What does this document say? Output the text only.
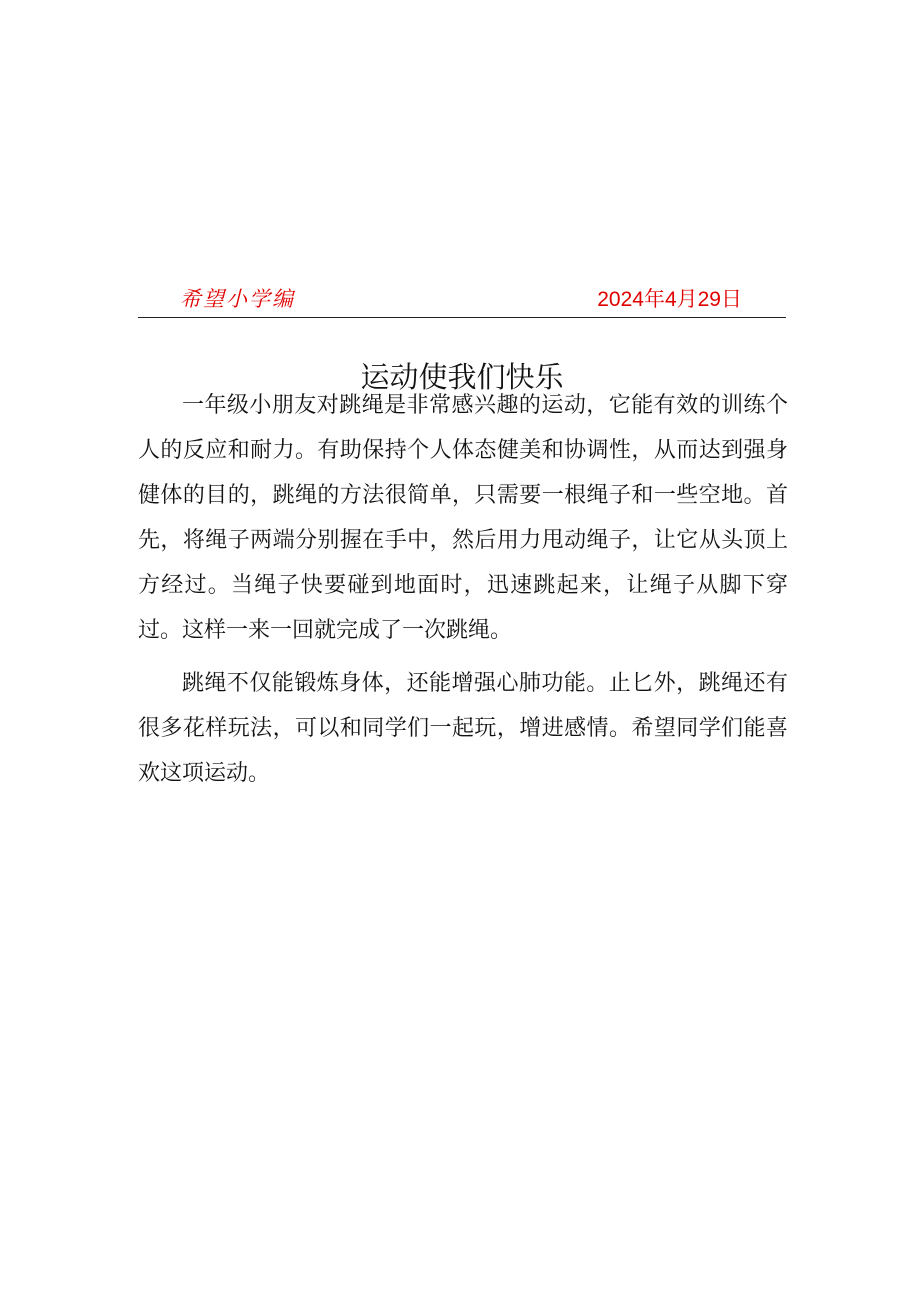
希望小学编	2024年4月29日
运动使我们快乐

一年级小朋友对跳绳是非常感兴趣的运动，它能有效的训练个人的反应和耐力。有助保持个人体态健美和协调性，从而达到强身健体的目的，跳绳的方法很简单，只需要一根绳子和一些空地。首先，将绳子两端分别握在手中，然后用力甩动绳子，让它从头顶上方经过。当绳子快要碰到地面时，迅速跳起来，让绳子从脚下穿过。这样一来一回就完成了一次跳绳。

跳绳不仅能锻炼身体，还能增强心肺功能。止匕外，跳绳还有很多花样玩法，可以和同学们一起玩，增进感情。希望同学们能喜欢这项运动。
